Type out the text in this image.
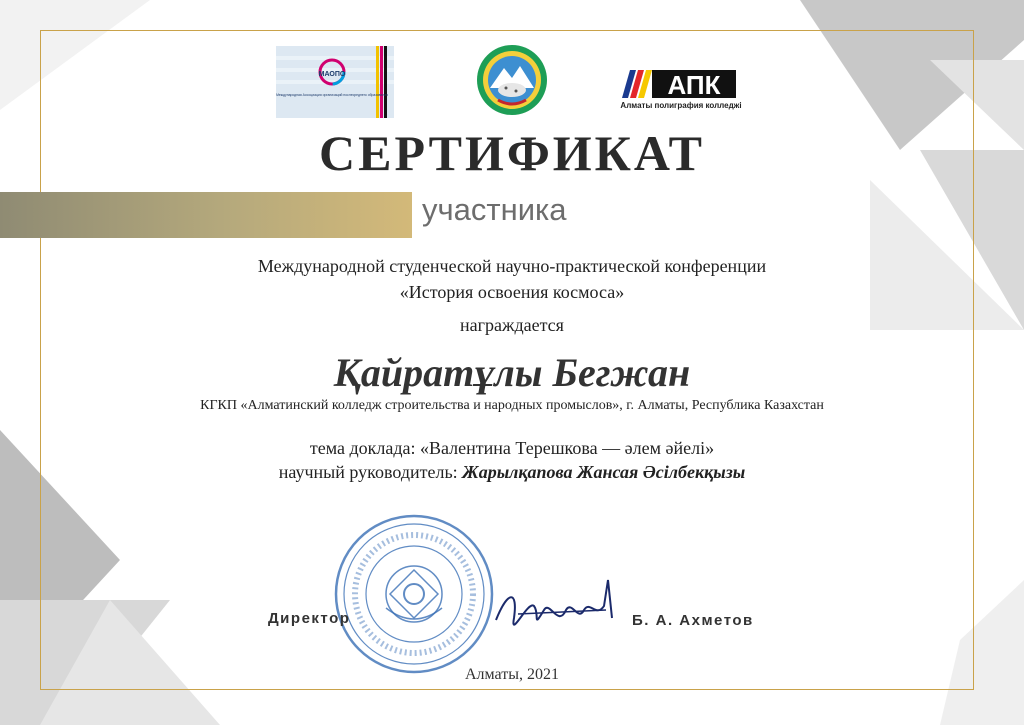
МАОПО
Международная Ассоциация организаций послесреднего образования	АПК
Алматы полиграфия колледжі
СЕРТИФИКАТ
участника
Международной студенческой научно-практической конференции
«История освоения космоса»
награждается
Қайратұлы Бегжан
КГКП «Алматинский колледж строительства и народных промыслов», г. Алматы, Республика Казахстан
тема доклада: «Валентина Терешкова — әлем әйелі»
научный руководитель: Жарылқапова Жансая Әсілбекқызы
Директор	Б. А. Ахметов
Алматы, 2021
